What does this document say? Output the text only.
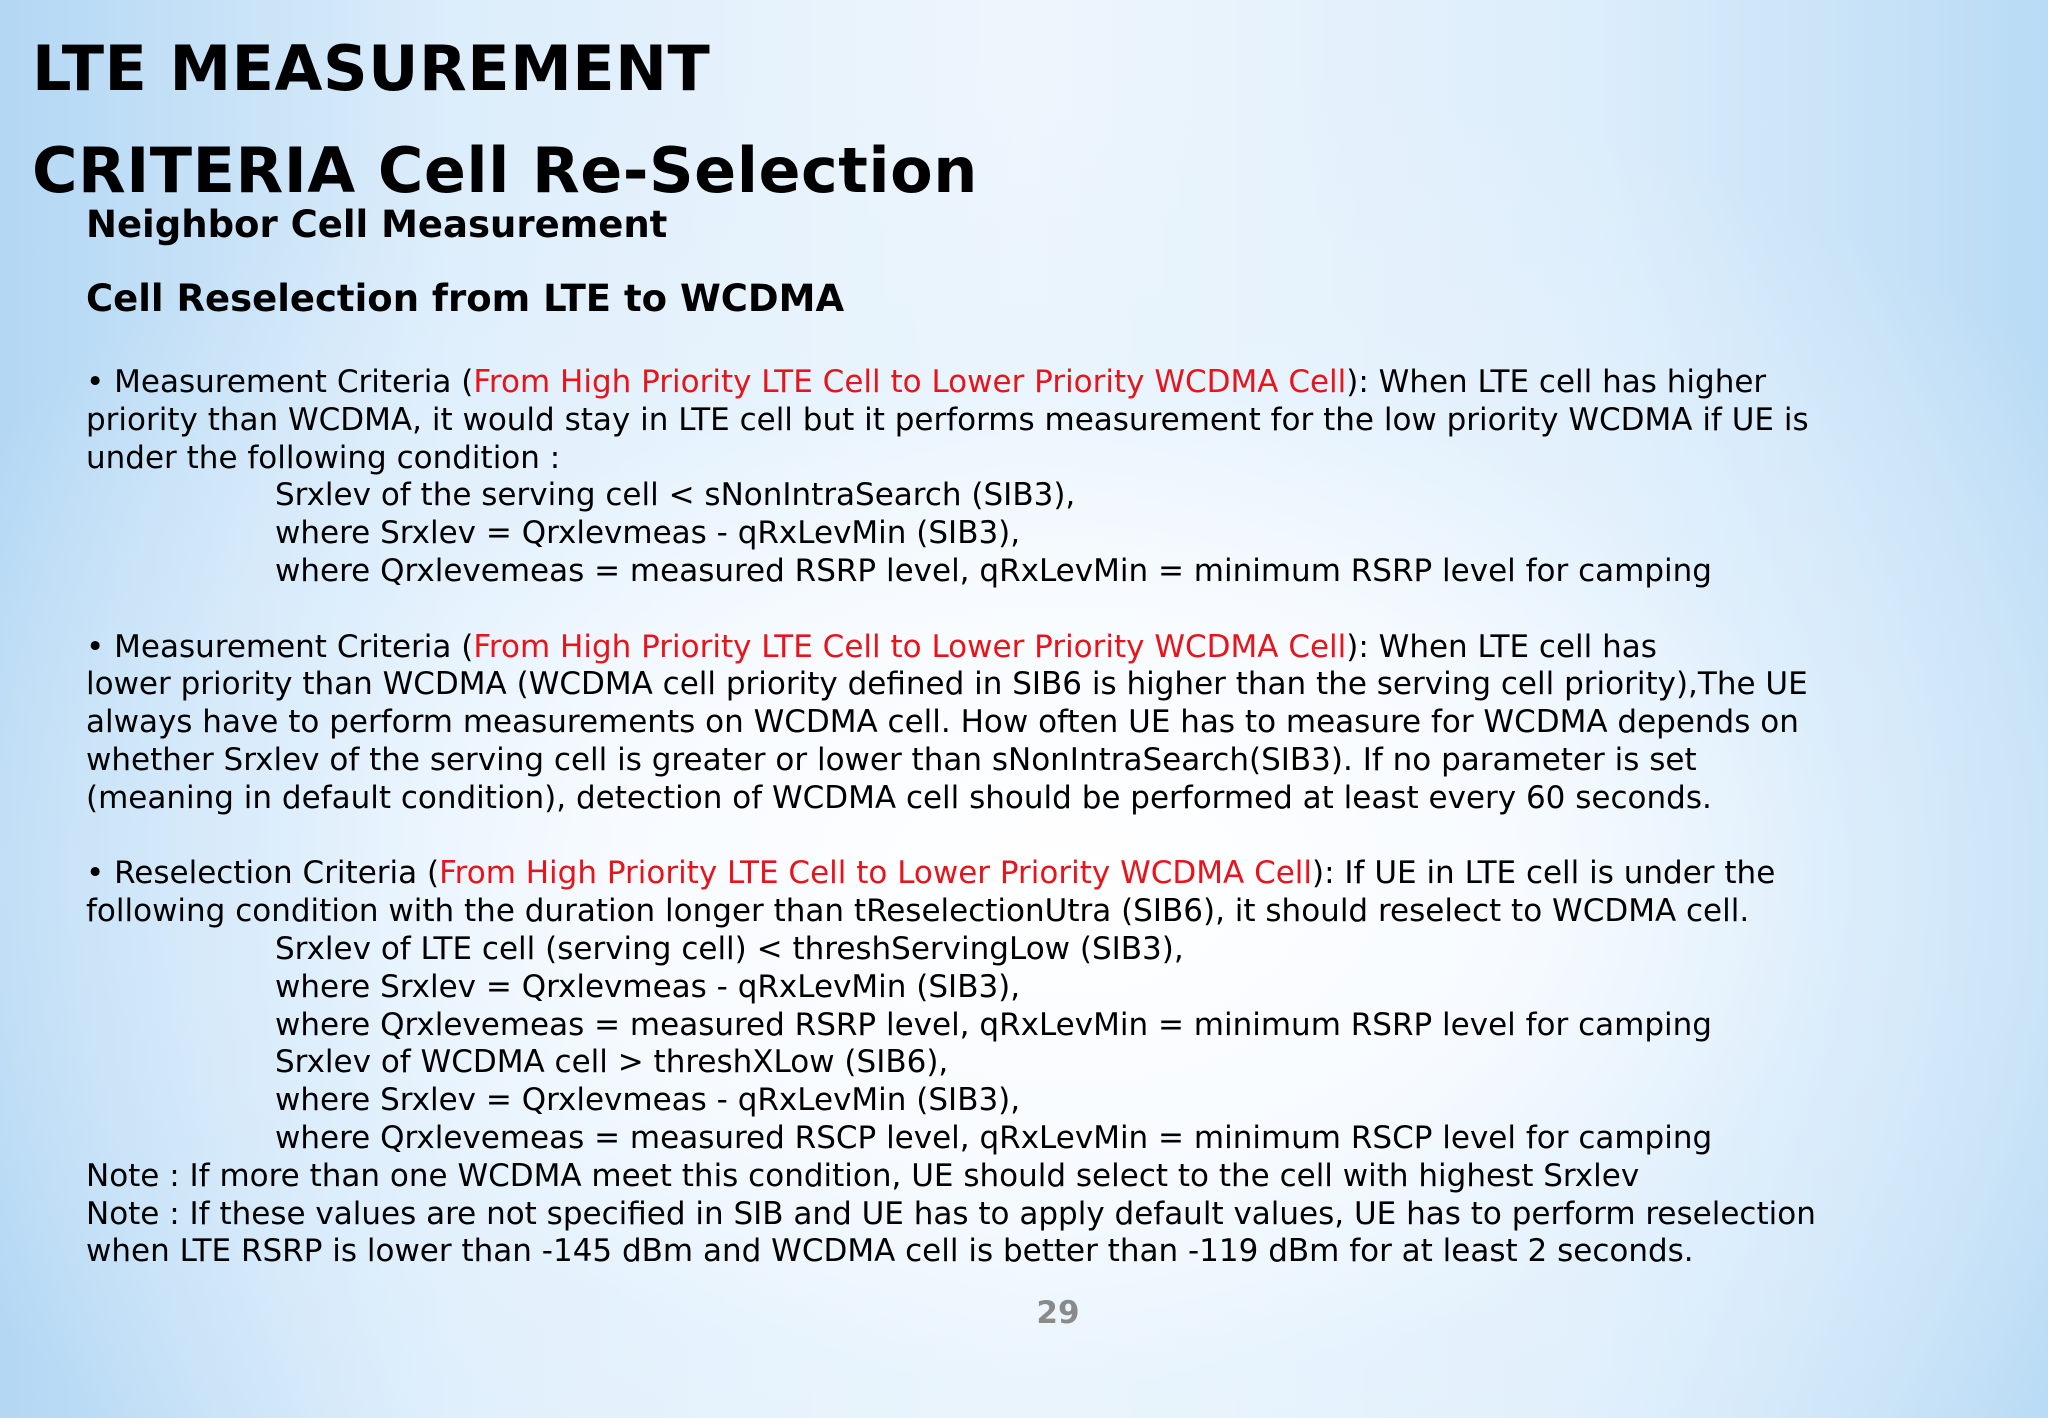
LTE MEASUREMENT
CRITERIA Cell Re-Selection
Neighbor Cell Measurement
Cell Reselection from LTE to WCDMA
• Measurement Criteria (From High Priority LTE Cell to Lower Priority WCDMA Cell): When LTE cell has higher
priority than WCDMA, it would stay in LTE cell but it performs measurement for the low priority WCDMA if UE is
under the following condition :
Srxlev of the serving cell < sNonIntraSearch (SIB3),
where Srxlev = Qrxlevmeas - qRxLevMin (SIB3),
where Qrxlevemeas = measured RSRP level, qRxLevMin = minimum RSRP level for camping
• Measurement Criteria (From High Priority LTE Cell to Lower Priority WCDMA Cell): When LTE cell has
lower priority than WCDMA (WCDMA cell priority defined in SIB6 is higher than the serving cell priority),The UE
always have to perform measurements on WCDMA cell. How often UE has to measure for WCDMA depends on
whether Srxlev of the serving cell is greater or lower than sNonIntraSearch(SIB3). If no parameter is set
(meaning in default condition), detection of WCDMA cell should be performed at least every 60 seconds.
• Reselection Criteria (From High Priority LTE Cell to Lower Priority WCDMA Cell): If UE in LTE cell is under the
following condition with the duration longer than tReselectionUtra (SIB6), it should reselect to WCDMA cell.
Srxlev of LTE cell (serving cell) < threshServingLow (SIB3),
where Srxlev = Qrxlevmeas - qRxLevMin (SIB3),
where Qrxlevemeas = measured RSRP level, qRxLevMin = minimum RSRP level for camping
Srxlev of WCDMA cell > threshXLow (SIB6),
where Srxlev = Qrxlevmeas - qRxLevMin (SIB3),
where Qrxlevemeas = measured RSCP level, qRxLevMin = minimum RSCP level for camping
Note : If more than one WCDMA meet this condition, UE should select to the cell with highest Srxlev
Note : If these values are not specified in SIB and UE has to apply default values, UE has to perform reselection
when LTE RSRP is lower than -145 dBm and WCDMA cell is better than -119 dBm for at least 2 seconds.
29
